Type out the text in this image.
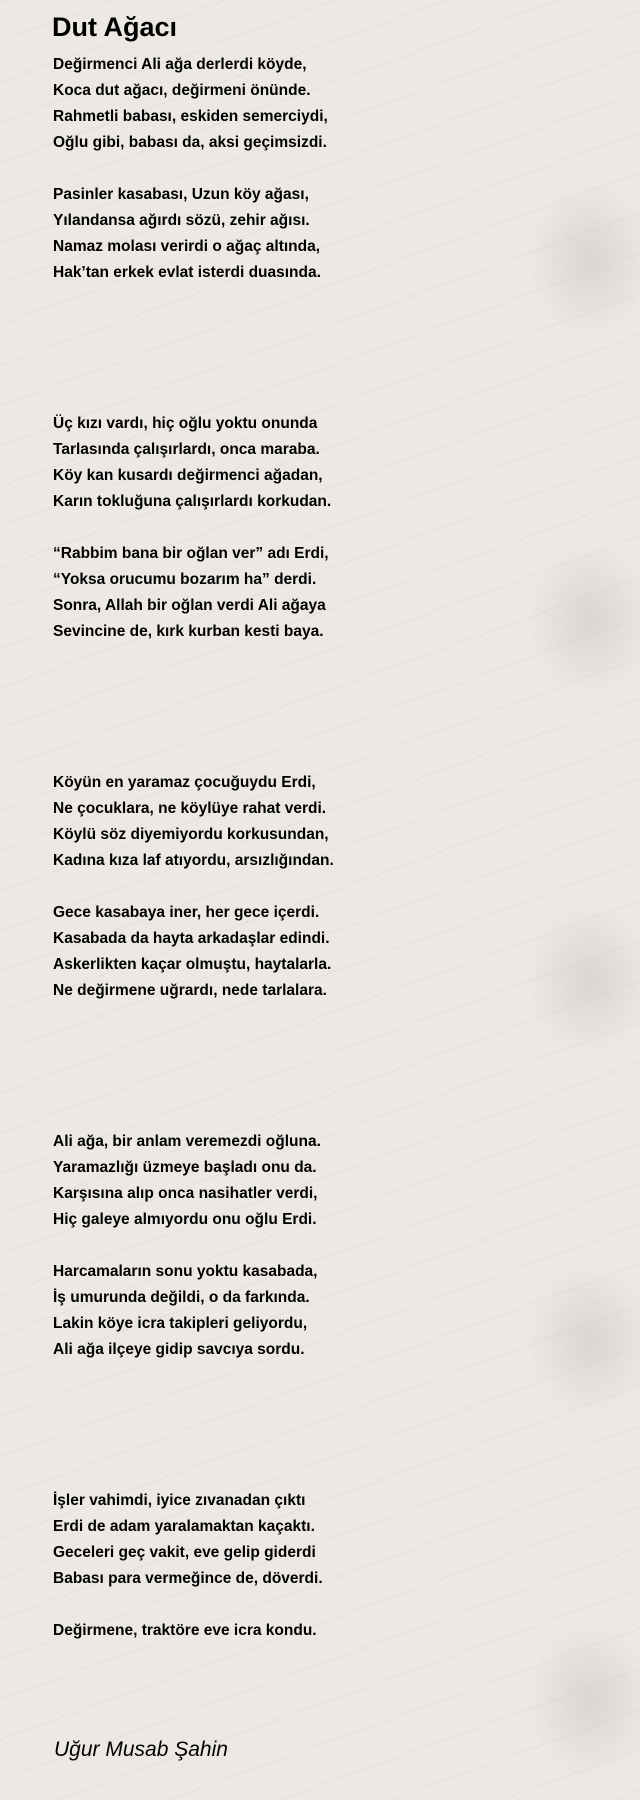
Dut Ağacı
Değirmenci Ali ağa derlerdi köyde,
Koca dut ağacı, değirmeni önünde.
Rahmetli babası, eskiden semerciydi,
Oğlu gibi, babası da, aksi geçimsizdi.
Pasinler kasabası, Uzun köy ağası,
Yılandansa ağırdı sözü, zehir ağısı.
Namaz molası verirdi o ağaç altında,
Hak’tan erkek evlat isterdi duasında.
Üç kızı vardı, hiç oğlu yoktu onunda
Tarlasında çalışırlardı, onca maraba.
Köy kan kusardı değirmenci ağadan,
Karın tokluğuna çalışırlardı korkudan.
“Rabbim bana bir oğlan ver” adı Erdi,
“Yoksa orucumu bozarım ha” derdi.
Sonra, Allah bir oğlan verdi Ali ağaya
Sevincine de, kırk kurban kesti baya.
Köyün en yaramaz çocuğuydu Erdi,
Ne çocuklara, ne köylüye rahat verdi.
Köylü söz diyemiyordu korkusundan,
Kadına kıza laf atıyordu, arsızlığından.
Gece kasabaya iner, her gece içerdi.
Kasabada da hayta arkadaşlar edindi.
Askerlikten kaçar olmuştu, haytalarla.
Ne değirmene uğrardı, nede tarlalara.
Ali ağa, bir anlam veremezdi oğluna.
Yaramazlığı üzmeye başladı onu da.
Karşısına alıp onca nasihatler verdi,
Hiç galeye almıyordu onu oğlu Erdi.
Harcamaların sonu yoktu kasabada,
İş umurunda değildi, o da farkında.
Lakin köye icra takipleri geliyordu,
Ali ağa ilçeye gidip savcıya sordu.
İşler vahimdi, iyice zıvanadan çıktı
Erdi de adam yaralamaktan kaçaktı.
Geceleri geç vakit, eve gelip giderdi
Babası para vermeğince de, döverdi.
Değirmene, traktöre eve icra kondu.
Uğur Musab Şahin
